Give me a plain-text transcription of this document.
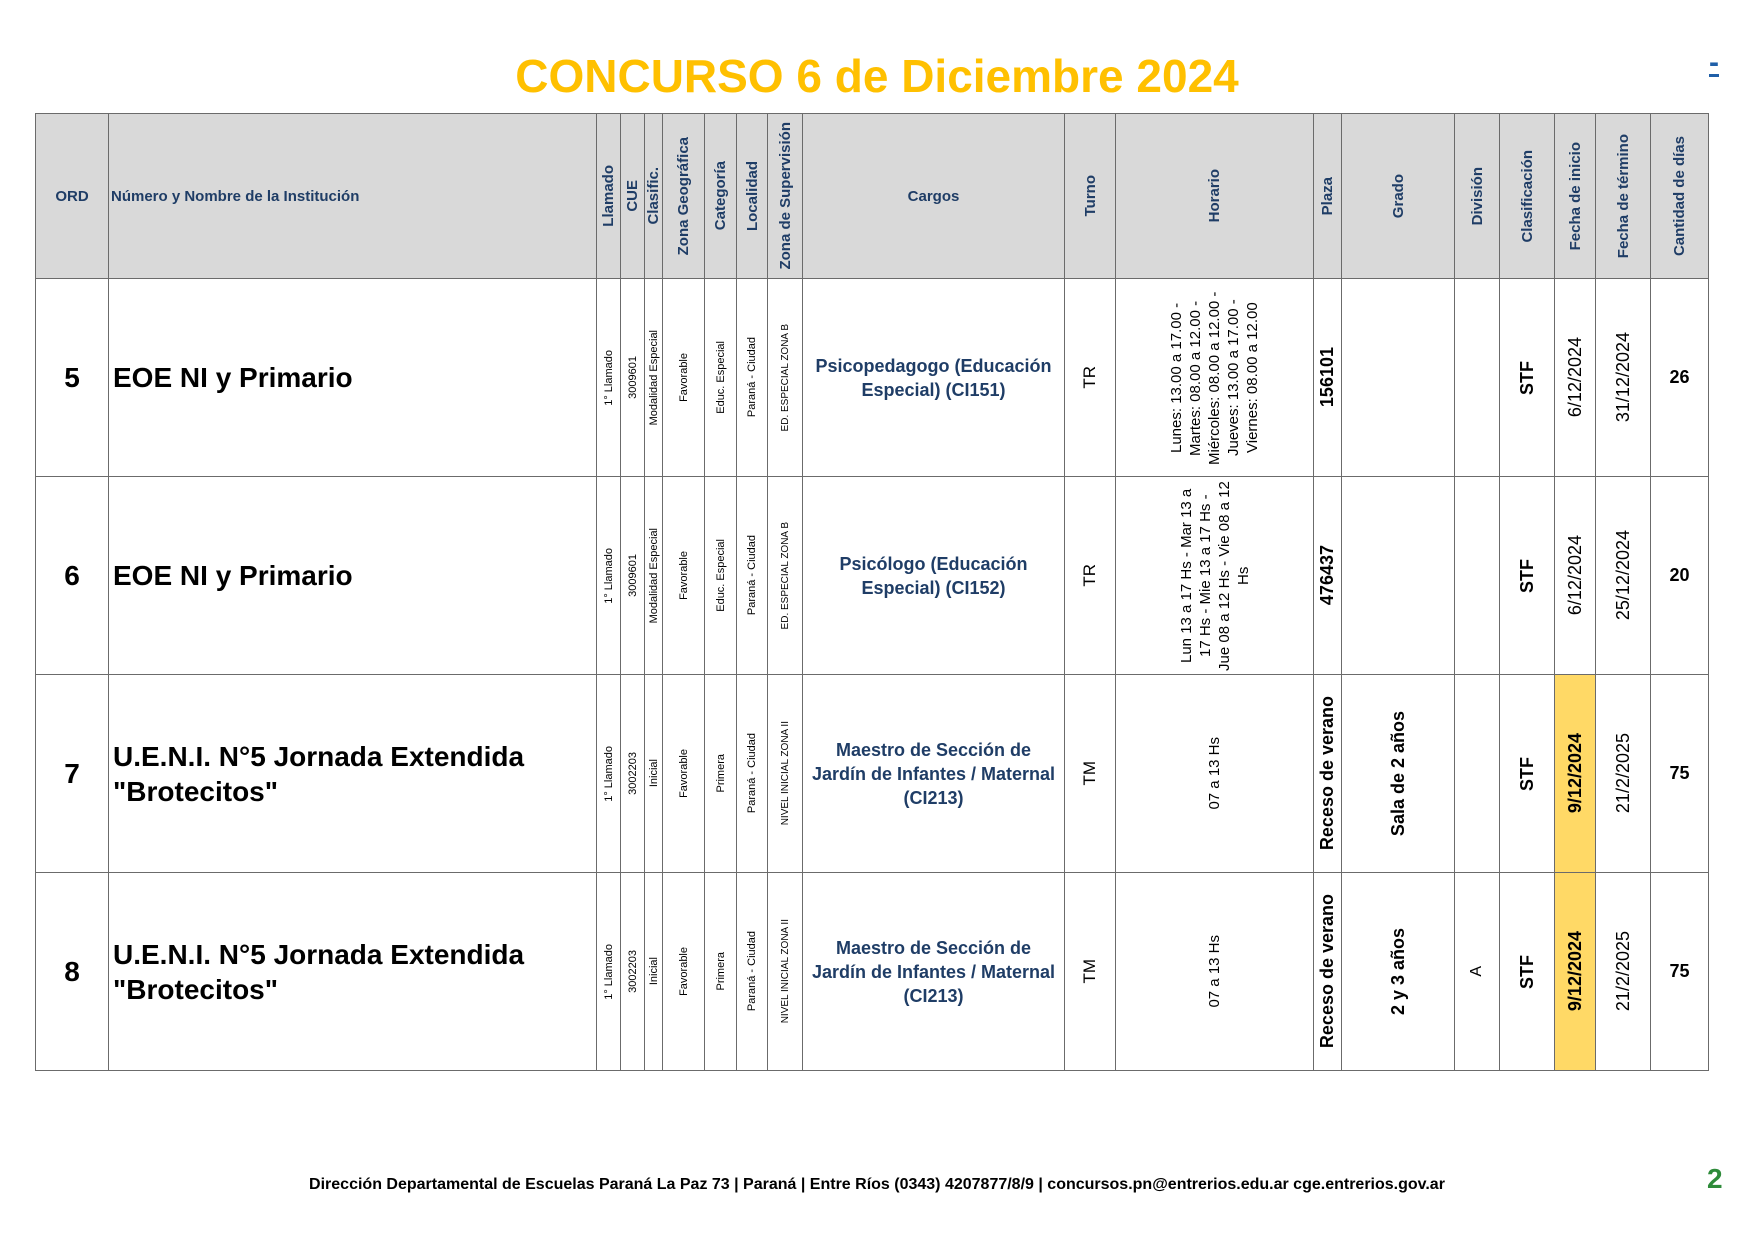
CONCURSO 6 de Diciembre 2024	-
ORD	Número y Nombre de la Institución	Llamado	CUE	Clasific.	Zona Geográfica	Categoría	Localidad	Zona de Supervisión	Cargos	Turno	Horario	Plaza	Grado	División	Clasificación	Fecha de inicio	Fecha de término	Cantidad de días

5	EOE NI y Primario	1° Llamado	3009601	Modalidad Especial	Favorable	Educ. Especial	Paraná - Ciudad	ED. ESPECIAL ZONA B	Psicopedagogo (Educación Especial) (CI151)	TR	Lunes: 13.00 a 17.00 - Martes: 08.00 a 12.00 - Miércoles: 08.00 a 12.00 - Jueves: 13.00 a 17.00 - Viernes: 08.00 a 12.00	156101			STF	6/12/2024	31/12/2024	26
6	EOE NI y Primario	1° Llamado	3009601	Modalidad Especial	Favorable	Educ. Especial	Paraná - Ciudad	ED. ESPECIAL ZONA B	Psicólogo (Educación Especial) (CI152)	TR	Lun 13 a 17 Hs - Mar 13 a 17 Hs - Mie 13 a 17 Hs - Jue 08 a 12 Hs - Vie 08 a 12 Hs	476437			STF	6/12/2024	25/12/2024	20
7	U.E.N.I. N°5 Jornada Extendida "Brotecitos"	1° Llamado	3002203	Inicial	Favorable	Primera	Paraná - Ciudad	NIVEL INICIAL ZONA II	Maestro de Sección de Jardín de Infantes / Maternal (CI213)	TM	07 a 13 Hs	Receso de verano	Sala de 2 años		STF	9/12/2024	21/2/2025	75
8	U.E.N.I. N°5 Jornada Extendida "Brotecitos"	1° Llamado	3002203	Inicial	Favorable	Primera	Paraná - Ciudad	NIVEL INICIAL ZONA II	Maestro de Sección de Jardín de Infantes / Maternal (CI213)	TM	07 a 13 Hs	Receso de verano	2 y 3 años	A	STF	9/12/2024	21/2/2025	75
Dirección Departamental de Escuelas Paraná La Paz 73 | Paraná | Entre Ríos (0343) 4207877/8/9 | concursos.pn@entrerios.edu.ar cge.entrerios.gov.ar	2
